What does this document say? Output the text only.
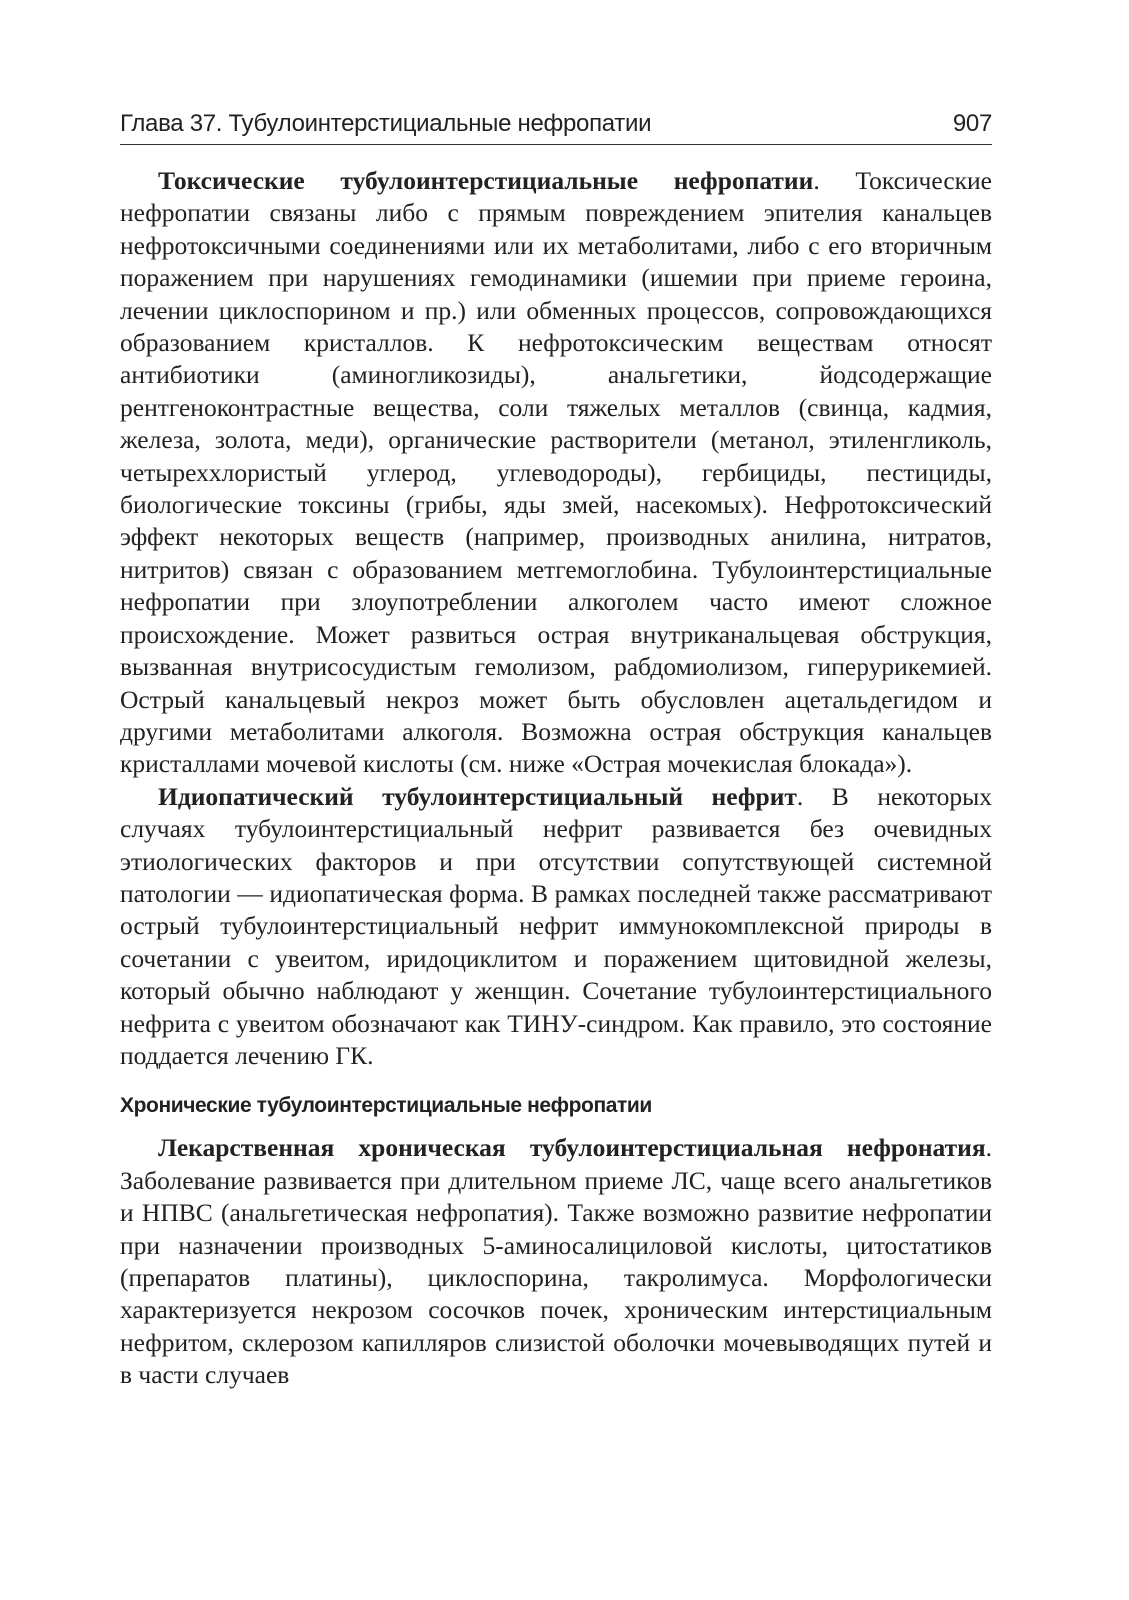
Глава 37. Тубулоинтерстициальные нефропатии	907

Токсические тубулоинтерстициальные нефропатии. Токсические нефропатии связаны либо с прямым повреждением эпителия канальцев нефротоксичными соединениями или их метаболитами, либо с его вторичным поражением при нарушениях гемодинамики (ишемии при приеме героина, лечении циклоспорином и пр.) или обменных процессов, сопровождающихся образованием кристаллов. К нефротоксическим веществам относят антибиотики (аминогликозиды), анальгетики, йодсодержащие рентгеноконтрастные вещества, соли тяжелых металлов (свинца, кадмия, железа, золота, меди), органические растворители (метанол, этиленгликоль, четыреххлористый углерод, углеводороды), гербициды, пестициды, биологические токсины (грибы, яды змей, насекомых). Нефротоксический эффект некоторых веществ (например, производных анилина, нитратов, нитритов) связан с образованием метгемоглобина. Тубулоинтерстициальные нефропатии при злоупотреблении алкоголем часто имеют сложное происхождение. Может развиться острая внутриканальцевая обструкция, вызванная внутрисосудистым гемолизом, рабдомиолизом, гиперурикемией. Острый канальцевый некроз может быть обусловлен ацетальдегидом и другими метаболитами алкоголя. Возможна острая обструкция канальцев кристаллами мочевой кислоты (см. ниже «Острая мочекислая блокада»).

Идиопатический тубулоинтерстициальный нефрит. В некоторых случаях тубулоинтерстициальный нефрит развивается без очевидных этиологических факторов и при отсутствии сопутствующей системной патологии — идиопатическая форма. В рамках последней также рассматривают острый тубулоинтерстициальный нефрит иммунокомплексной природы в сочетании с увеитом, иридоциклитом и поражением щитовидной железы, который обычно наблюдают у женщин. Сочетание тубулоинтерстициального нефрита с увеитом обозначают как ТИНУ-синдром. Как правило, это состояние поддается лечению ГК.

Хронические тубулоинтерстициальные нефропатии

Лекарственная хроническая тубулоинтерстициальная нефронатия. Заболевание развивается при длительном приеме ЛС, чаще всего анальгетиков и НПВС (анальгетическая нефропатия). Также возможно развитие нефропатии при назначении производных 5-аминосалициловой кислоты, цитостатиков (препаратов платины), циклоспорина, такролимуса. Морфологически характеризуется некрозом сосочков почек, хроническим интерстициальным нефритом, склерозом капилляров слизистой оболочки мочевыводящих путей и в части случаев
